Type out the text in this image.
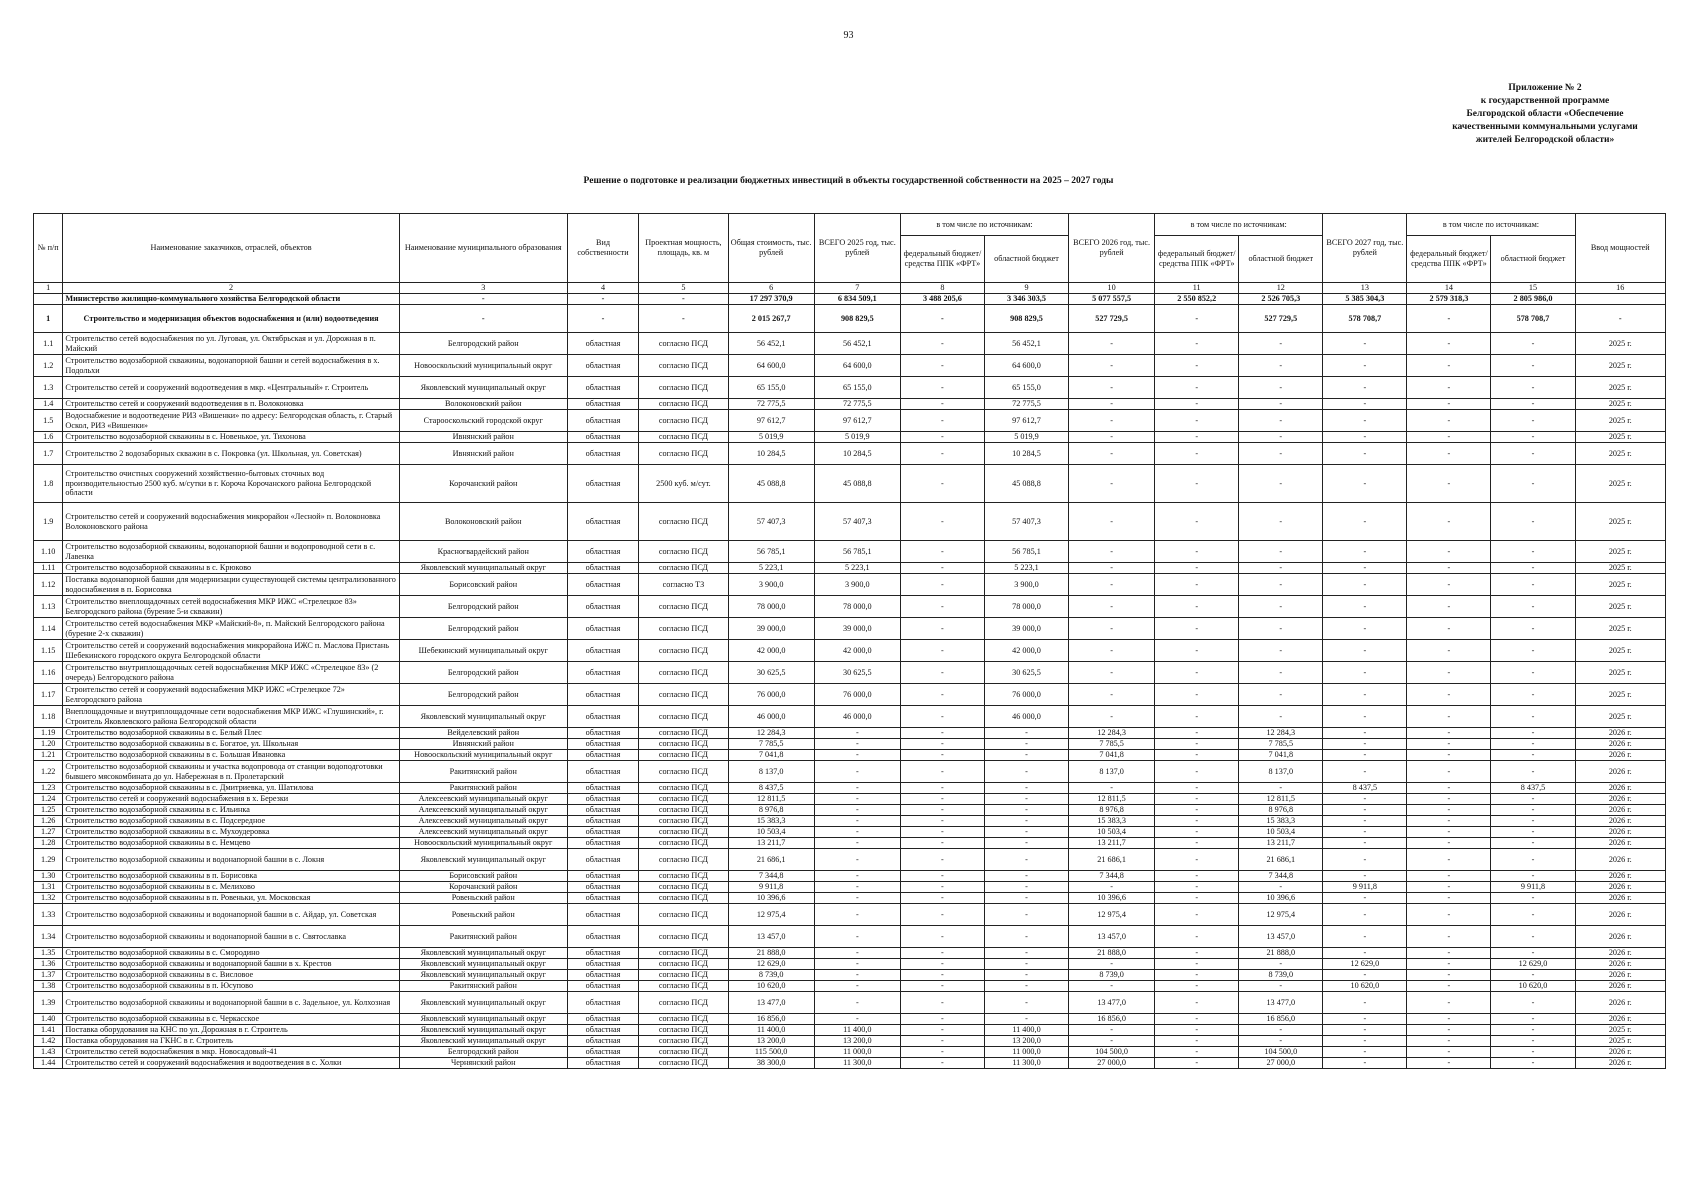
93
Приложение № 2
к государственной программе
Белгородской области «Обеспечение
качественными коммунальными услугами
жителей Белгородской области»
Решение о подготовке и реализации бюджетных инвестиций в объекты государственной собственности на 2025 – 2027 годы
№ п/п	Наименование заказчиков, отраслей, объектов	Наименование муниципального образования	Вид собственности	Проектная мощность, площадь, кв. м	Общая стоимость, тыс. рублей	ВСЕГО 2025 год, тыс. рублей	в том числе по источникам:		ВСЕГО 2026 год, тыс. рублей	в том числе по источникам:		ВСЕГО 2027 год, тыс. рублей	в том числе по источникам:		Ввод мощностей
							федеральный бюджет/ средства ППК «ФРТ»	областной бюджет		федеральный бюджет/ средства ППК «ФРТ»	областной бюджет		федеральный бюджет/ средства ППК «ФРТ»	областной бюджет	
1	2	3	4	5	6	7	8	9	10	11	12	13	14	15	16
	Министерство жилищно-коммунального хозяйства Белгородской области	-	-	-	17 297 370,9	6 834 509,1	3 488 205,6	3 346 303,5	5 077 557,5	2 550 852,2	2 526 705,3	5 385 304,3	2 579 318,3	2 805 986,0	
1	Строительство и модернизация объектов водоснабжения и (или) водоотведения	-	-	-	2 015 267,7	908 829,5	-	908 829,5	527 729,5	-	527 729,5	578 708,7	-	578 708,7	-
1.1	Строительство сетей водоснабжения по ул. Луговая, ул. Октябрьская и ул. Дорожная в п. Майский	Белгородский район	областная	согласно ПСД	56 452,1	56 452,1	-	56 452,1	-	-	-	-	-	-	2025 г.
1.2	Строительство водозаборной скважины, водонапорной башни и сетей водоснабжения в х. Подольхи	Новооскольский муниципальный округ	областная	согласно ПСД	64 600,0	64 600,0	-	64 600,0	-	-	-	-	-	-	2025 г.
1.3	Строительство сетей и сооружений водоотведения в мкр. «Центральный» г. Строитель	Яковлевский муниципальный округ	областная	согласно ПСД	65 155,0	65 155,0	-	65 155,0	-	-	-	-	-	-	2025 г.
1.4	Строительство сетей и сооружений водоотведения в п. Волоконовка	Волоконовский район	областная	согласно ПСД	72 775,5	72 775,5	-	72 775,5	-	-	-	-	-	-	2025 г.
1.5	Водоснабжение и водоотведение РИЗ «Вишенки» по адресу: Белгородская область, г. Старый Оскол, РИЗ «Вишенки»	Старооскольский городской округ	областная	согласно ПСД	97 612,7	97 612,7	-	97 612,7	-	-	-	-	-	-	2025 г.
1.6	Строительство водозаборной скважины в с. Новенькое, ул. Тихонова	Ивнянский район	областная	согласно ПСД	5 019,9	5 019,9	-	5 019,9	-	-	-	-	-	-	2025 г.
1.7	Строительство 2 водозаборных скважин в с. Покровка (ул. Школьная, ул. Советская)	Ивнянский район	областная	согласно ПСД	10 284,5	10 284,5	-	10 284,5	-	-	-	-	-	-	2025 г.
1.8	Строительство очистных сооружений хозяйственно-бытовых сточных вод производительностью 2500 куб. м/сутки в г. Короча Корочанского района Белгородской области	Корочанский район	областная	2500 куб. м/сут.	45 088,8	45 088,8	-	45 088,8	-	-	-	-	-	-	2025 г.
1.9	Строительство сетей и сооружений водоснабжения микрорайон «Лесной» п. Волоконовка Волоконовского района	Волоконовский район	областная	согласно ПСД	57 407,3	57 407,3	-	57 407,3	-	-	-	-	-	-	2025 г.
1.10	Строительство водозаборной скважины, водонапорной башни и водопроводной сети в с. Лавенка	Красногвардейский район	областная	согласно ПСД	56 785,1	56 785,1	-	56 785,1	-	-	-	-	-	-	2025 г.
1.11	Строительство водозаборной скважины в с. Крюково	Яковлевский муниципальный округ	областная	согласно ПСД	5 223,1	5 223,1	-	5 223,1	-	-	-	-	-	-	2025 г.
1.12	Поставка водонапорной башни для модернизации существующей системы централизованного водоснабжения в п. Борисовка	Борисовский район	областная	согласно ТЗ	3 900,0	3 900,0	-	3 900,0	-	-	-	-	-	-	2025 г.
1.13	Строительство внеплощадочных сетей водоснабжения МКР ИЖС «Стрелецкое 83» Белгородского района (бурение 5-и скважин)	Белгородский район	областная	согласно ПСД	78 000,0	78 000,0	-	78 000,0	-	-	-	-	-	-	2025 г.
1.14	Строительство сетей водоснабжения МКР «Майский-8», п. Майский Белгородского района (бурение 2-х скважин)	Белгородский район	областная	согласно ПСД	39 000,0	39 000,0	-	39 000,0	-	-	-	-	-	-	2025 г.
1.15	Строительство сетей и сооружений водоснабжения микрорайона ИЖС п. Маслова Пристань Шебекинского городского округа Белгородской области	Шебекинский муниципальный округ	областная	согласно ПСД	42 000,0	42 000,0	-	42 000,0	-	-	-	-	-	-	2025 г.
1.16	Строительство внутриплощадочных сетей водоснабжения МКР ИЖС «Стрелецкое 83» (2 очередь) Белгородского района	Белгородский район	областная	согласно ПСД	30 625,5	30 625,5	-	30 625,5	-	-	-	-	-	-	2025 г.
1.17	Строительство сетей и сооружений водоснабжения МКР ИЖС «Стрелецкое 72» Белгородского района	Белгородский район	областная	согласно ПСД	76 000,0	76 000,0	-	76 000,0	-	-	-	-	-	-	2025 г.
1.18	Внеплощадочные и внутриплощадочные сети водоснабжения МКР ИЖС «Глушинский», г. Строитель Яковлевского района Белгородской области	Яковлевский муниципальный округ	областная	согласно ПСД	46 000,0	46 000,0	-	46 000,0	-	-	-	-	-	-	2025 г.
1.19	Строительство водозаборной скважины в с. Белый Плес	Вейделевский район	областная	согласно ПСД	12 284,3	-	-	-	12 284,3	-	12 284,3	-	-	-	2026 г.
1.20	Строительство водозаборной скважины в с. Богатое, ул. Школьная	Ивнянский район	областная	согласно ПСД	7 785,5	-	-	-	7 785,5	-	7 785,5	-	-	-	2026 г.
1.21	Строительство водозаборной скважины в с. Большая Ивановка	Новооскольский муниципальный округ	областная	согласно ПСД	7 041,8	-	-	-	7 041,8	-	7 041,8	-	-	-	2026 г.
1.22	Строительство водозаборной скважины и участка водопровода от станции водоподготовки бывшего мясокомбината до ул. Набережная в п. Пролетарский	Ракитянский район	областная	согласно ПСД	8 137,0	-	-	-	8 137,0	-	8 137,0	-	-	-	2026 г.
1.23	Строительство водозаборной скважины в с. Дмитриевка, ул. Шатилова	Ракитянский район	областная	согласно ПСД	8 437,5	-	-	-	-	-	-	8 437,5	-	8 437,5	2026 г.
1.24	Строительство сетей и сооружений водоснабжения в х. Березки	Алексеевский муниципальный округ	областная	согласно ПСД	12 811,5	-	-	-	12 811,5	-	12 811,5	-	-	-	2026 г.
1.25	Строительство водозаборной скважины в с. Ильинка	Алексеевский муниципальный округ	областная	согласно ПСД	8 976,8	-	-	-	8 976,8	-	8 976,8	-	-	-	2026 г.
1.26	Строительство водозаборной скважины в с. Подсередное	Алексеевский муниципальный округ	областная	согласно ПСД	15 383,3	-	-	-	15 383,3	-	15 383,3	-	-	-	2026 г.
1.27	Строительство водозаборной скважины в с. Мухоудеровка	Алексеевский муниципальный округ	областная	согласно ПСД	10 503,4	-	-	-	10 503,4	-	10 503,4	-	-	-	2026 г.
1.28	Строительство водозаборной скважины в с. Немцево	Новооскольский муниципальный округ	областная	согласно ПСД	13 211,7	-	-	-	13 211,7	-	13 211,7	-	-	-	2026 г.
1.29	Строительство водозаборной скважины и водонапорной башни в с. Локня	Яковлевский муниципальный округ	областная	согласно ПСД	21 686,1	-	-	-	21 686,1	-	21 686,1	-	-	-	2026 г.
1.30	Строительство водозаборной скважины в п. Борисовка	Борисовский район	областная	согласно ПСД	7 344,8	-	-	-	7 344,8	-	7 344,8	-	-	-	2026 г.
1.31	Строительство водозаборной скважины в с. Мелихово	Корочанский район	областная	согласно ПСД	9 911,8	-	-	-	-	-	-	9 911,8	-	9 911,8	2026 г.
1.32	Строительство водозаборной скважины в п. Ровеньки, ул. Московская	Ровеньский район	областная	согласно ПСД	10 396,6	-	-	-	10 396,6	-	10 396,6	-	-	-	2026 г.
1.33	Строительство водозаборной скважины и водонапорной башни в с. Айдар, ул. Советская	Ровеньский район	областная	согласно ПСД	12 975,4	-	-	-	12 975,4	-	12 975,4	-	-	-	2026 г.
1.34	Строительство водозаборной скважины и водонапорной башни в с. Святославка	Ракитянский район	областная	согласно ПСД	13 457,0	-	-	-	13 457,0	-	13 457,0	-	-	-	2026 г.
1.35	Строительство водозаборной скважины в с. Смородино	Яковлевский муниципальный округ	областная	согласно ПСД	21 888,0	-	-	-	21 888,0	-	21 888,0	-	-	-	2026 г.
1.36	Строительство водозаборной скважины и водонапорной башни в х. Крестов	Яковлевский муниципальный округ	областная	согласно ПСД	12 629,0	-	-	-	-	-	-	12 629,0	-	12 629,0	2026 г.
1.37	Строительство водозаборной скважины в с. Висловое	Яковлевский муниципальный округ	областная	согласно ПСД	8 739,0	-	-	-	8 739,0	-	8 739,0	-	-	-	2026 г.
1.38	Строительство водозаборной скважины в п. Юсупово	Ракитянский район	областная	согласно ПСД	10 620,0	-	-	-	-	-	-	10 620,0	-	10 620,0	2026 г.
1.39	Строительство водозаборной скважины и водонапорной башни в с. Задельное, ул. Колхозная	Яковлевский муниципальный округ	областная	согласно ПСД	13 477,0	-	-	-	13 477,0	-	13 477,0	-	-	-	2026 г.
1.40	Строительство водозаборной скважины в с. Черкасское	Яковлевский муниципальный округ	областная	согласно ПСД	16 856,0	-	-	-	16 856,0	-	16 856,0	-	-	-	2026 г.
1.41	Поставка оборудования на КНС по ул. Дорожная в г. Строитель	Яковлевский муниципальный округ	областная	согласно ПСД	11 400,0	11 400,0	-	11 400,0	-	-	-	-	-	-	2025 г.
1.42	Поставка оборудования на ГКНС в г. Строитель	Яковлевский муниципальный округ	областная	согласно ПСД	13 200,0	13 200,0	-	13 200,0	-	-	-	-	-	-	2025 г.
1.43	Строительство сетей водоснабжения в мкр. Новосадовый-41	Белгородский район	областная	согласно ПСД	115 500,0	11 000,0	-	11 000,0	104 500,0	-	104 500,0	-	-	-	2026 г.
1.44	Строительство сетей и сооружений водоснабжения и водоотведения в с. Холки	Чернянский район	областная	согласно ПСД	38 300,0	11 300,0	-	11 300,0	27 000,0	-	27 000,0	-	-	-	2026 г.
